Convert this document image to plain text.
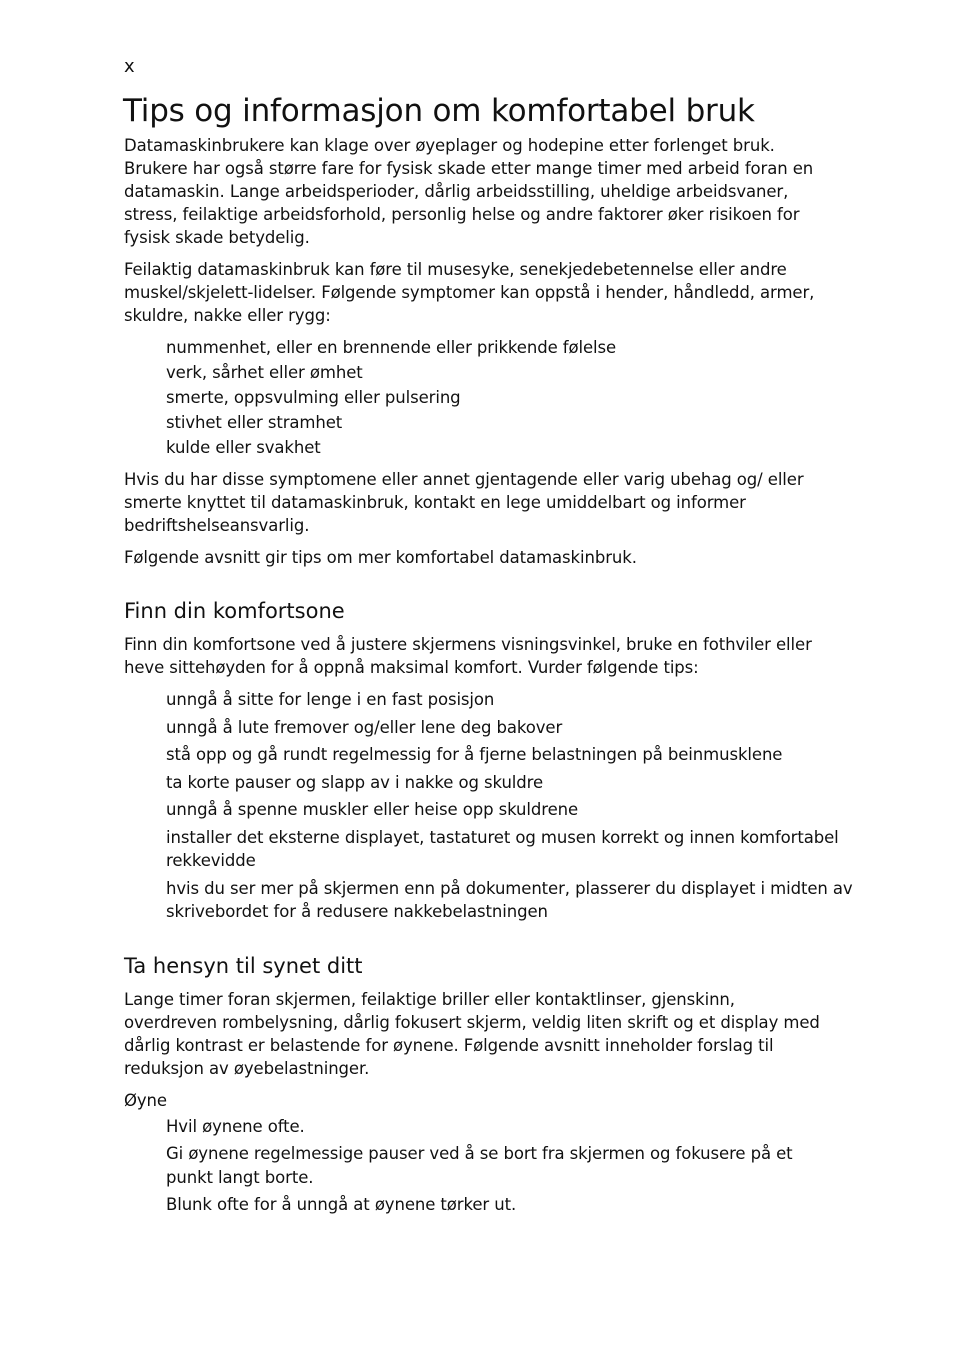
x
Tips og informasjon om komfortabel bruk

Datamaskinbrukere kan klage over øyeplager og hodepine etter forlenget bruk. Brukere har også større fare for fysisk skade etter mange timer med arbeid foran en datamaskin. Lange arbeidsperioder, dårlig arbeidsstilling, uheldige arbeidsvaner, stress, feilaktige arbeidsforhold, personlig helse og andre faktorer øker risikoen for fysisk skade betydelig.

Feilaktig datamaskinbruk kan føre til musesyke, senekjedebetennelse eller andre muskel/skjelett-lidelser. Følgende symptomer kan oppstå i hender, håndledd, armer, skuldre, nakke eller rygg:

nummenhet, eller en brennende eller prikkende følelse
verk, sårhet eller ømhet
smerte, oppsvulming eller pulsering
stivhet eller stramhet
kulde eller svakhet

Hvis du har disse symptomene eller annet gjentagende eller varig ubehag og/ eller smerte knyttet til datamaskinbruk, kontakt en lege umiddelbart og informer bedriftshelseansvarlig.

Følgende avsnitt gir tips om mer komfortabel datamaskinbruk.

Finn din komfortsone

Finn din komfortsone ved å justere skjermens visningsvinkel, bruke en fothviler eller heve sittehøyden for å oppnå maksimal komfort. Vurder følgende tips:

unngå å sitte for lenge i en fast posisjon
unngå å lute fremover og/eller lene deg bakover
stå opp og gå rundt regelmessig for å fjerne belastningen på beinmusklene
ta korte pauser og slapp av i nakke og skuldre
unngå å spenne muskler eller heise opp skuldrene
installer det eksterne displayet, tastaturet og musen korrekt og innen komfortabel rekkevidde
hvis du ser mer på skjermen enn på dokumenter, plasserer du displayet i midten av skrivebordet for å redusere nakkebelastningen
Ta hensyn til synet ditt

Lange timer foran skjermen, feilaktige briller eller kontaktlinser, gjenskinn, overdreven rombelysning, dårlig fokusert skjerm, veldig liten skrift og et display med dårlig kontrast er belastende for øynene. Følgende avsnitt inneholder forslag til reduksjon av øyebelastninger.

Øyne

Hvil øynene ofte.
Gi øynene regelmessige pauser ved å se bort fra skjermen og fokusere på et punkt langt borte.
Blunk ofte for å unngå at øynene tørker ut.
